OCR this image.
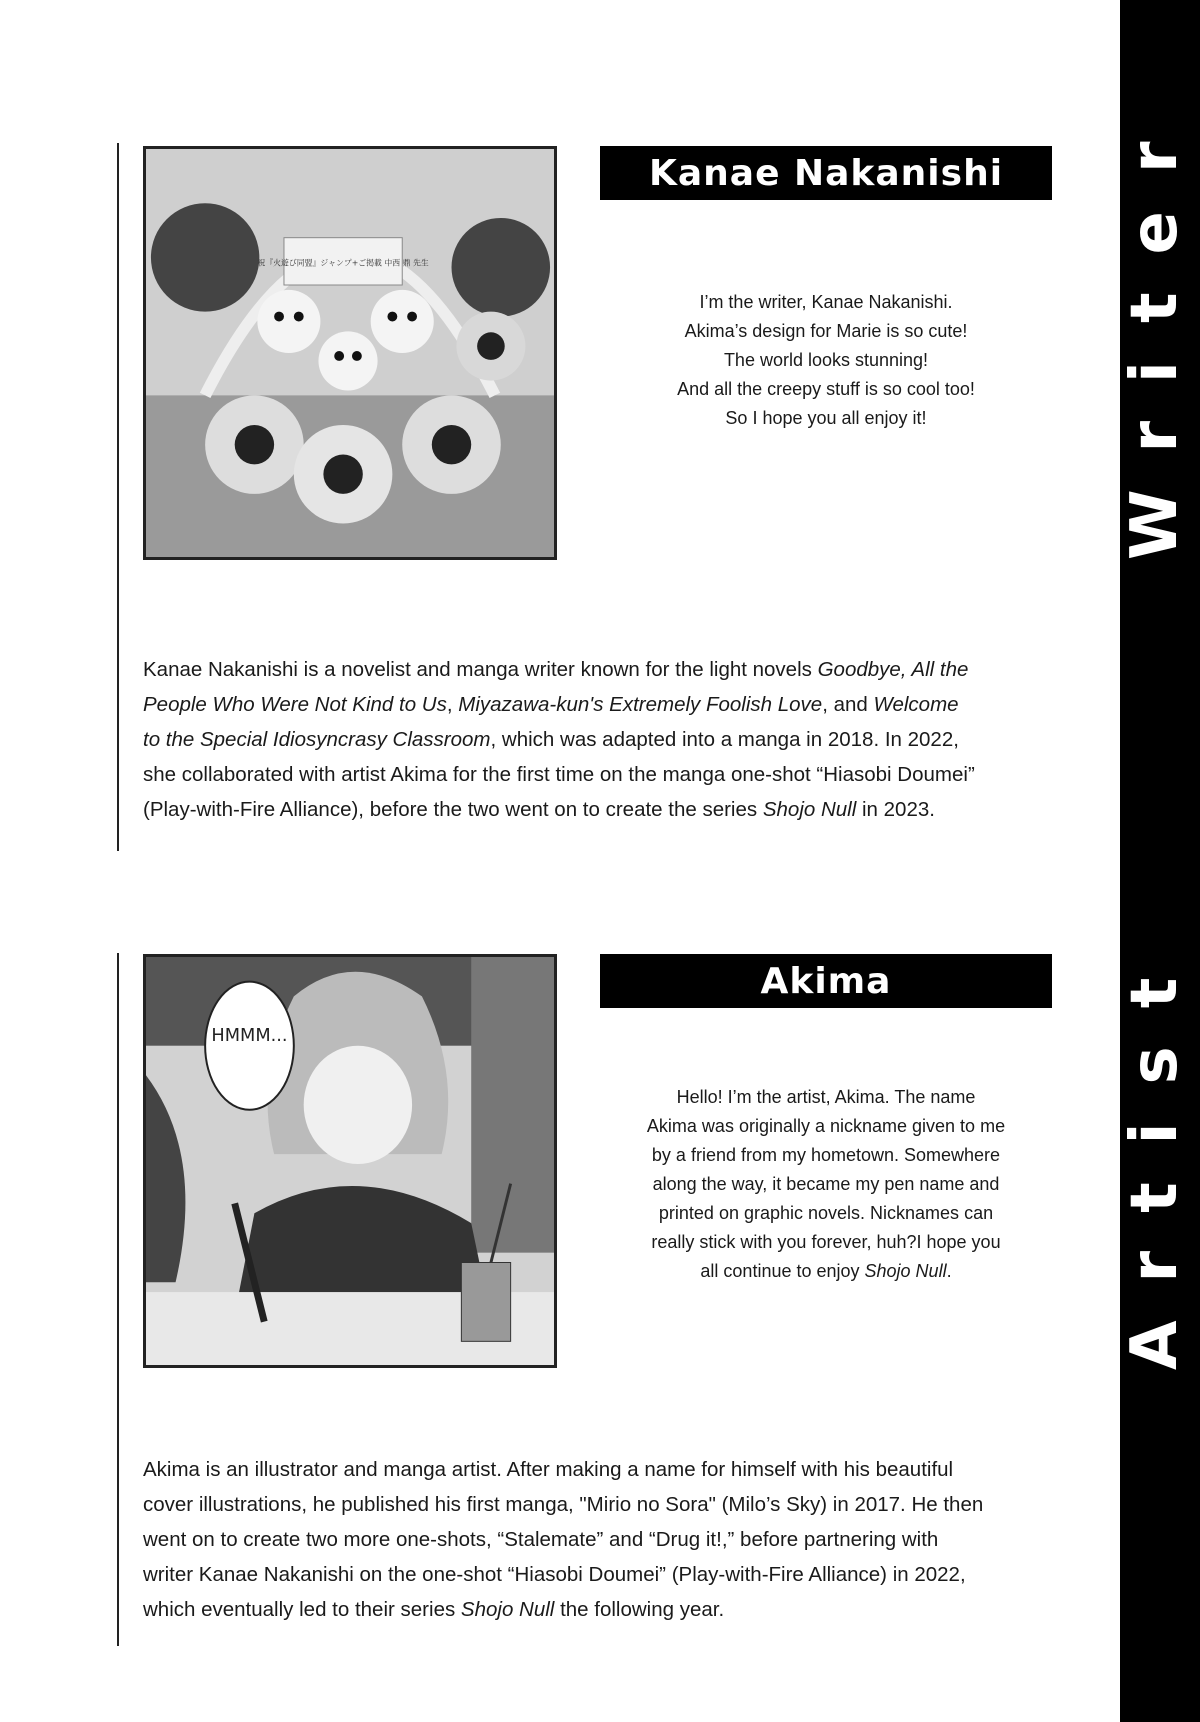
Writer
Artist
祝『火遊び同盟』ジャンプ+ご掲載 中西 鼎 先生
Kanae Nakanishi
I’m the writer, Kanae Nakanishi.
Akima’s design for Marie is so cute!
The world looks stunning!
And all the creepy stuff is so cool too!
So I hope you all enjoy it!
Kanae Nakanishi is a novelist and manga writer known for the light novels Goodbye, All the
People Who Were Not Kind to Us, Miyazawa-kun's Extremely Foolish Love, and Welcome
to the Special Idiosyncrasy Classroom, which was adapted into a manga in 2018. In 2022,
she collaborated with artist Akima for the first time on the manga one-shot “Hiasobi Doumei”
(Play-with-Fire Alliance), before the two went on to create the series Shojo Null in 2023.
HMMM...
Akima
Hello! I’m the artist, Akima. The name
Akima was originally a nickname given to me
by a friend from my hometown. Somewhere
along the way, it became my pen name and
printed on graphic novels. Nicknames can
really stick with you forever, huh?I hope you
all continue to enjoy Shojo Null.
Akima is an illustrator and manga artist. After making a name for himself with his beautiful
cover illustrations, he published his first manga, "Mirio no Sora" (Milo’s Sky) in 2017. He then
went on to create two more one-shots, “Stalemate” and “Drug it!,” before partnering with
writer Kanae Nakanishi on the one-shot “Hiasobi Doumei” (Play-with-Fire Alliance) in 2022,
which eventually led to their series Shojo Null the following year.
